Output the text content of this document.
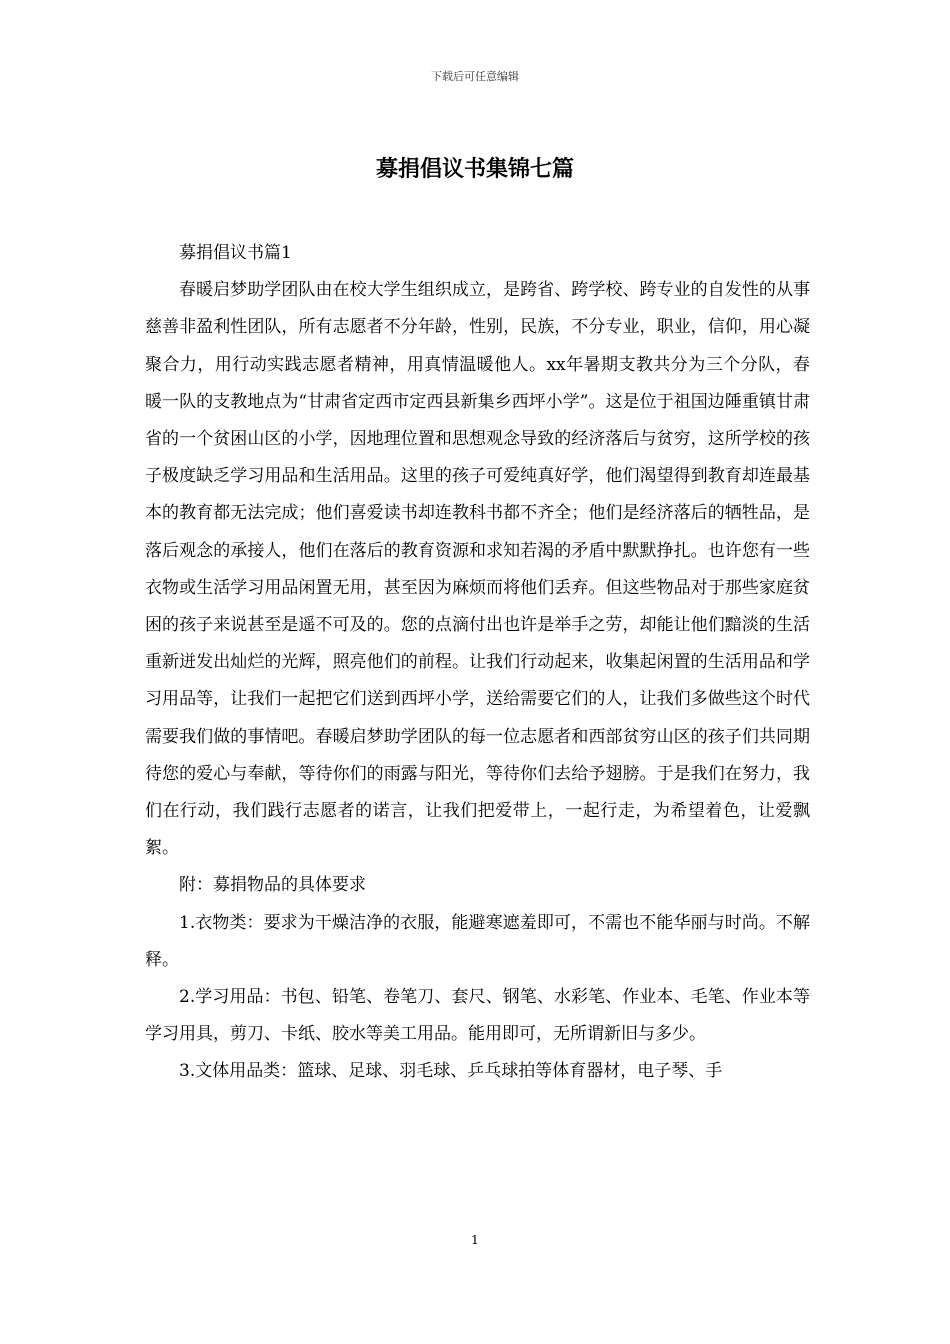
下载后可任意编辑
募捐倡议书集锦七篇

募捐倡议书篇1

春暖启梦助学团队由在校大学生组织成立，是跨省、跨学校、跨专业的自发性的从事慈善非盈利性团队，所有志愿者不分年龄，性别，民族，不分专业，职业，信仰，用心凝聚合力，用行动实践志愿者精神，用真情温暖他人。xx年暑期支教共分为三个分队，春暖一队的支教地点为“甘肃省定西市定西县新集乡西坪小学”。这是位于祖国边陲重镇甘肃省的一个贫困山区的小学，因地理位置和思想观念导致的经济落后与贫穷，这所学校的孩子极度缺乏学习用品和生活用品。这里的孩子可爱纯真好学，他们渴望得到教育却连最基本的教育都无法完成；他们喜爱读书却连教科书都不齐全；他们是经济落后的牺牲品，是落后观念的承接人，他们在落后的教育资源和求知若渴的矛盾中默默挣扎。也许您有一些衣物或生活学习用品闲置无用，甚至因为麻烦而将他们丢弃。但这些物品对于那些家庭贫困的孩子来说甚至是遥不可及的。您的点滴付出也许是举手之劳，却能让他们黯淡的生活重新迸发出灿烂的光辉，照亮他们的前程。让我们行动起来，收集起闲置的生活用品和学习用品等，让我们一起把它们送到西坪小学，送给需要它们的人，让我们多做些这个时代需要我们做的事情吧。春暖启梦助学团队的每一位志愿者和西部贫穷山区的孩子们共同期待您的爱心与奉献，等待你们的雨露与阳光，等待你们去给予翅膀。于是我们在努力，我们在行动，我们践行志愿者的诺言，让我们把爱带上，一起行走，为希望着色，让爱飘絮。

附：募捐物品的具体要求

1.衣物类：要求为干燥洁净的衣服，能避寒遮羞即可，不需也不能华丽与时尚。不解释。

2.学习用品：书包、铅笔、卷笔刀、套尺、钢笔、水彩笔、作业本、毛笔、作业本等学习用具，剪刀、卡纸、胶水等美工用品。能用即可，无所谓新旧与多少。

3.文体用品类：篮球、足球、羽毛球、乒乓球拍等体育器材，电子琴、手

1
